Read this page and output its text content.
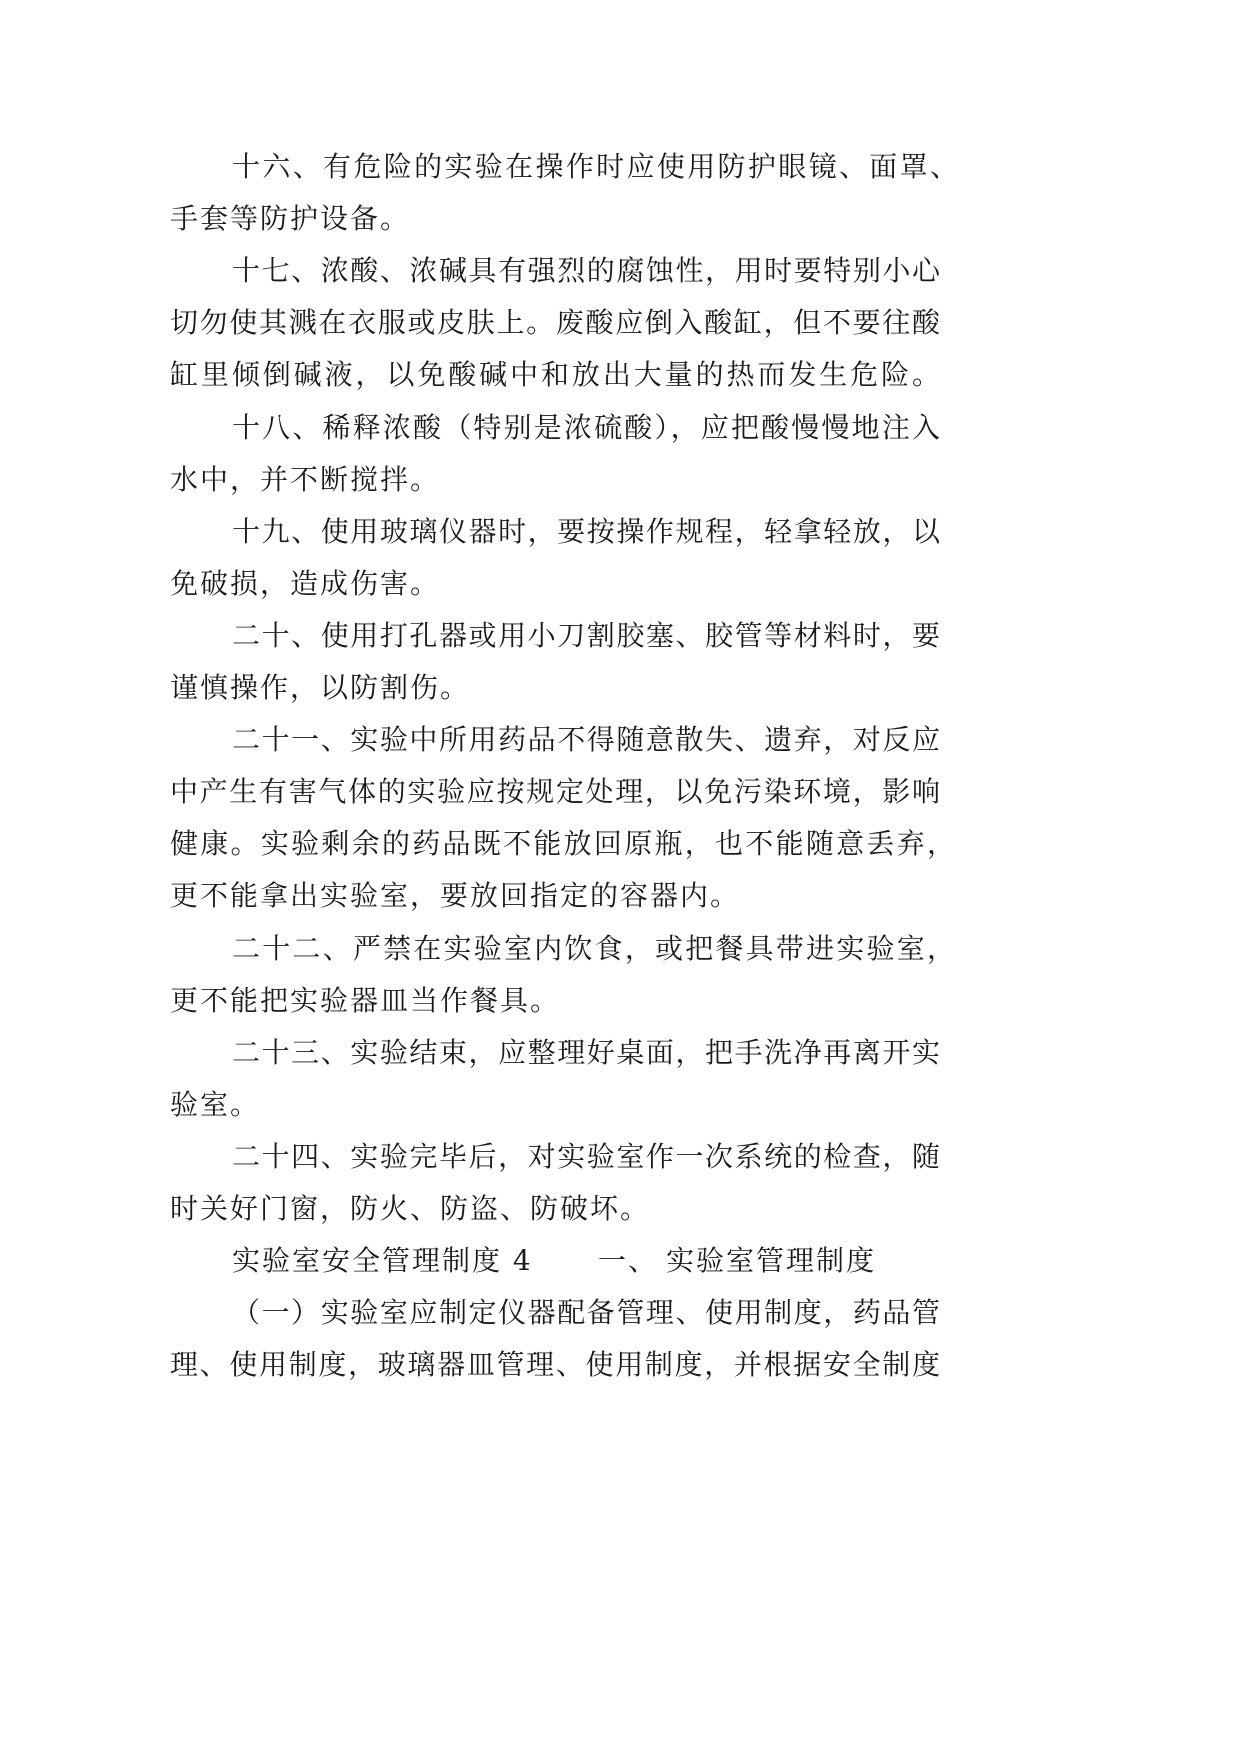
十六、有危险的实验在操作时应使用防护眼镜、面罩、
手套等防护设备。
十七、浓酸、浓碱具有强烈的腐蚀性，用时要特别小心
切勿使其溅在衣服或皮肤上。废酸应倒入酸缸，但不要往酸
缸里倾倒碱液，以免酸碱中和放出大量的热而发生危险。
十八、稀释浓酸（特别是浓硫酸），应把酸慢慢地注入
水中，并不断搅拌。
十九、使用玻璃仪器时，要按操作规程，轻拿轻放，以
免破损，造成伤害。
二十、使用打孔器或用小刀割胶塞、胶管等材料时，要
谨慎操作，以防割伤。
二十一、实验中所用药品不得随意散失、遗弃，对反应
中产生有害气体的实验应按规定处理，以免污染环境，影响
健康。实验剩余的药品既不能放回原瓶，也不能随意丢弃，
更不能拿出实验室，要放回指定的容器内。
二十二、严禁在实验室内饮食，或把餐具带进实验室，
更不能把实验器皿当作餐具。
二十三、实验结束，应整理好桌面，把手洗净再离开实
验室。
二十四、实验完毕后，对实验室作一次系统的检查，随
时关好门窗，防火、防盗、防破坏。
实验室安全管理制度 4 一、 实验室管理制度
（一）实验室应制定仪器配备管理、使用制度，药品管
理、使用制度，玻璃器皿管理、使用制度，并根据安全制度
